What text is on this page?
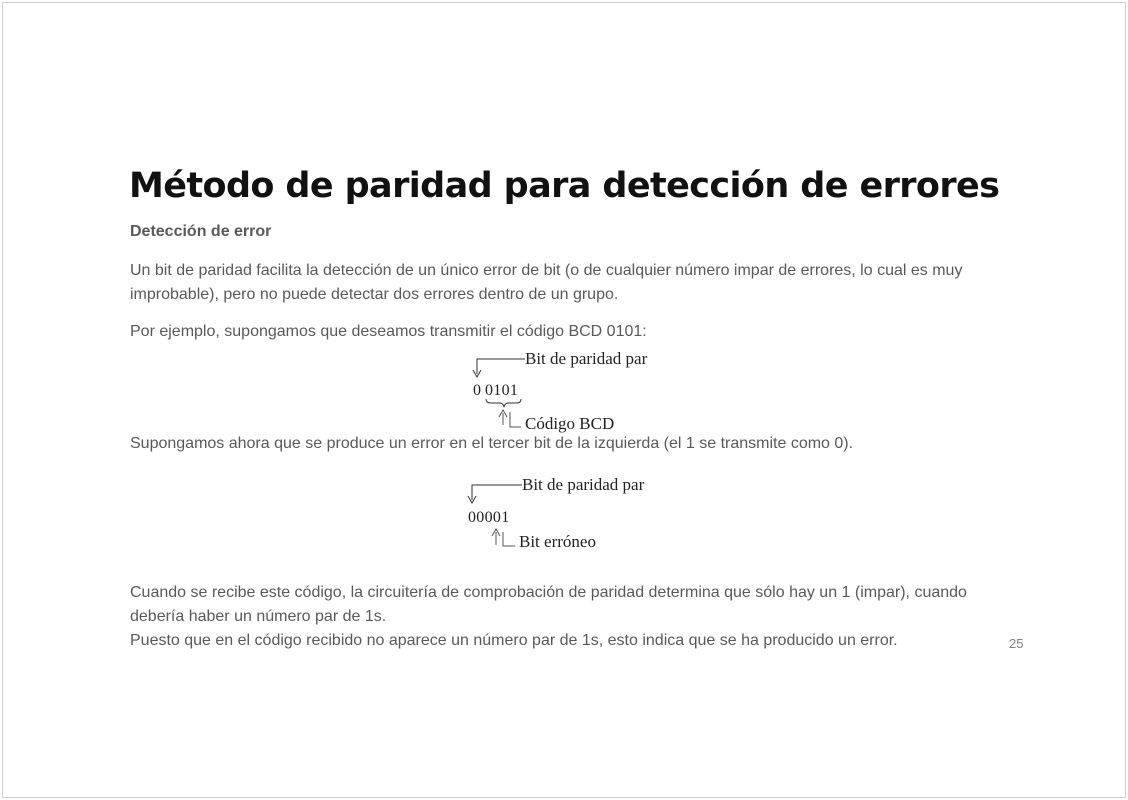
Método de paridad para detección de errores
Detección de error
Un bit de paridad facilita la detección de un único error de bit (o de cualquier número impar de errores, lo cual es muy improbable), pero no puede detectar dos errores dentro de un grupo.
Por ejemplo, supongamos que deseamos transmitir el código BCD 0101:
Bit de paridad par
0 0101
Código BCD
Supongamos ahora que se produce un error en el tercer bit de la izquierda (el 1 se transmite como 0).
Bit de paridad par
00001
Bit erróneo
Cuando se recibe este código, la circuitería de comprobación de paridad determina que sólo hay un 1 (impar), cuando debería haber un número par de 1s.
Puesto que en el código recibido no aparece un número par de 1s, esto indica que se ha producido un error.	25
